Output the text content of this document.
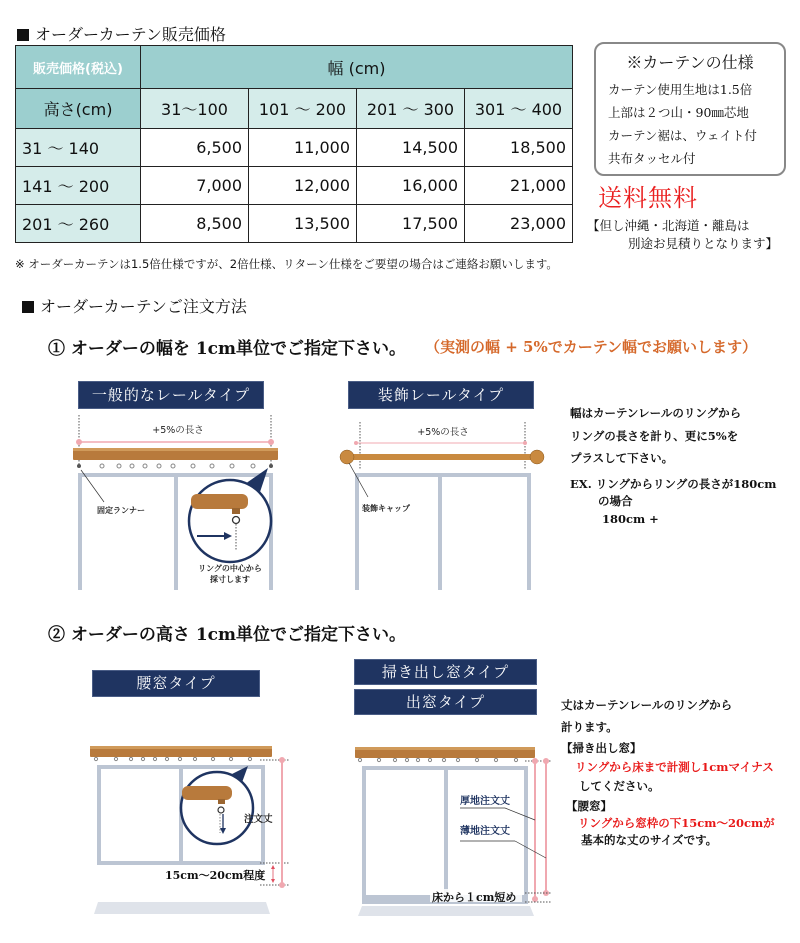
オーダーカーテン販売価格
販売価格(税込)	幅 (cm)			
高さ(cm)	31〜100	101 〜 200	201 〜 300	301 〜 400
31 〜 140	6,500	11,000	14,500	18,500
141 〜 200	7,000	12,000	16,000	21,000
201 〜 260	8,500	13,500	17,500	23,000
※カーテンの仕様
カーテン使用生地は1.5倍
上部は２つ山・90㎜芯地
カーテン裾は、ウェイト付
共布タッセル付
送料無料
【但し沖縄・北海道・離島は
別途お見積りとなります】
※ オーダーカーテンは1.5倍仕様ですが、2倍仕様、リターン仕様をご要望の場合はご連絡お願いします。
オーダーカーテンご注文方法
① オーダーの幅を 1cm単位でご指定下さい。 （実測の幅 + 5%でカーテン幅でお願いします）
一般的なレールタイプ	装飾レールタイプ
+5%の長さ
固定ランナー
リングの中心から
採寸します
+5%の長さ
装飾キャップ
幅はカーテンレールのリングから
リングの長さを計り、更に5%を
プラスして下さい。
EX. リングからリングの長さが180cm
の場合
180cm +
② オーダーの高さ 1cm単位でご指定下さい。
腰窓タイプ
掃き出し窓タイプ
出窓タイプ
注文丈
15cm〜20cm程度
厚地注文丈
薄地注文丈
床から１cm短め
丈はカーテンレールのリングから
計ります。
【掃き出し窓】
リングから床まで計測し1cmマイナス
してください。
【腰窓】
リングから窓枠の下15cm〜20cmが
基本的な丈のサイズです。
